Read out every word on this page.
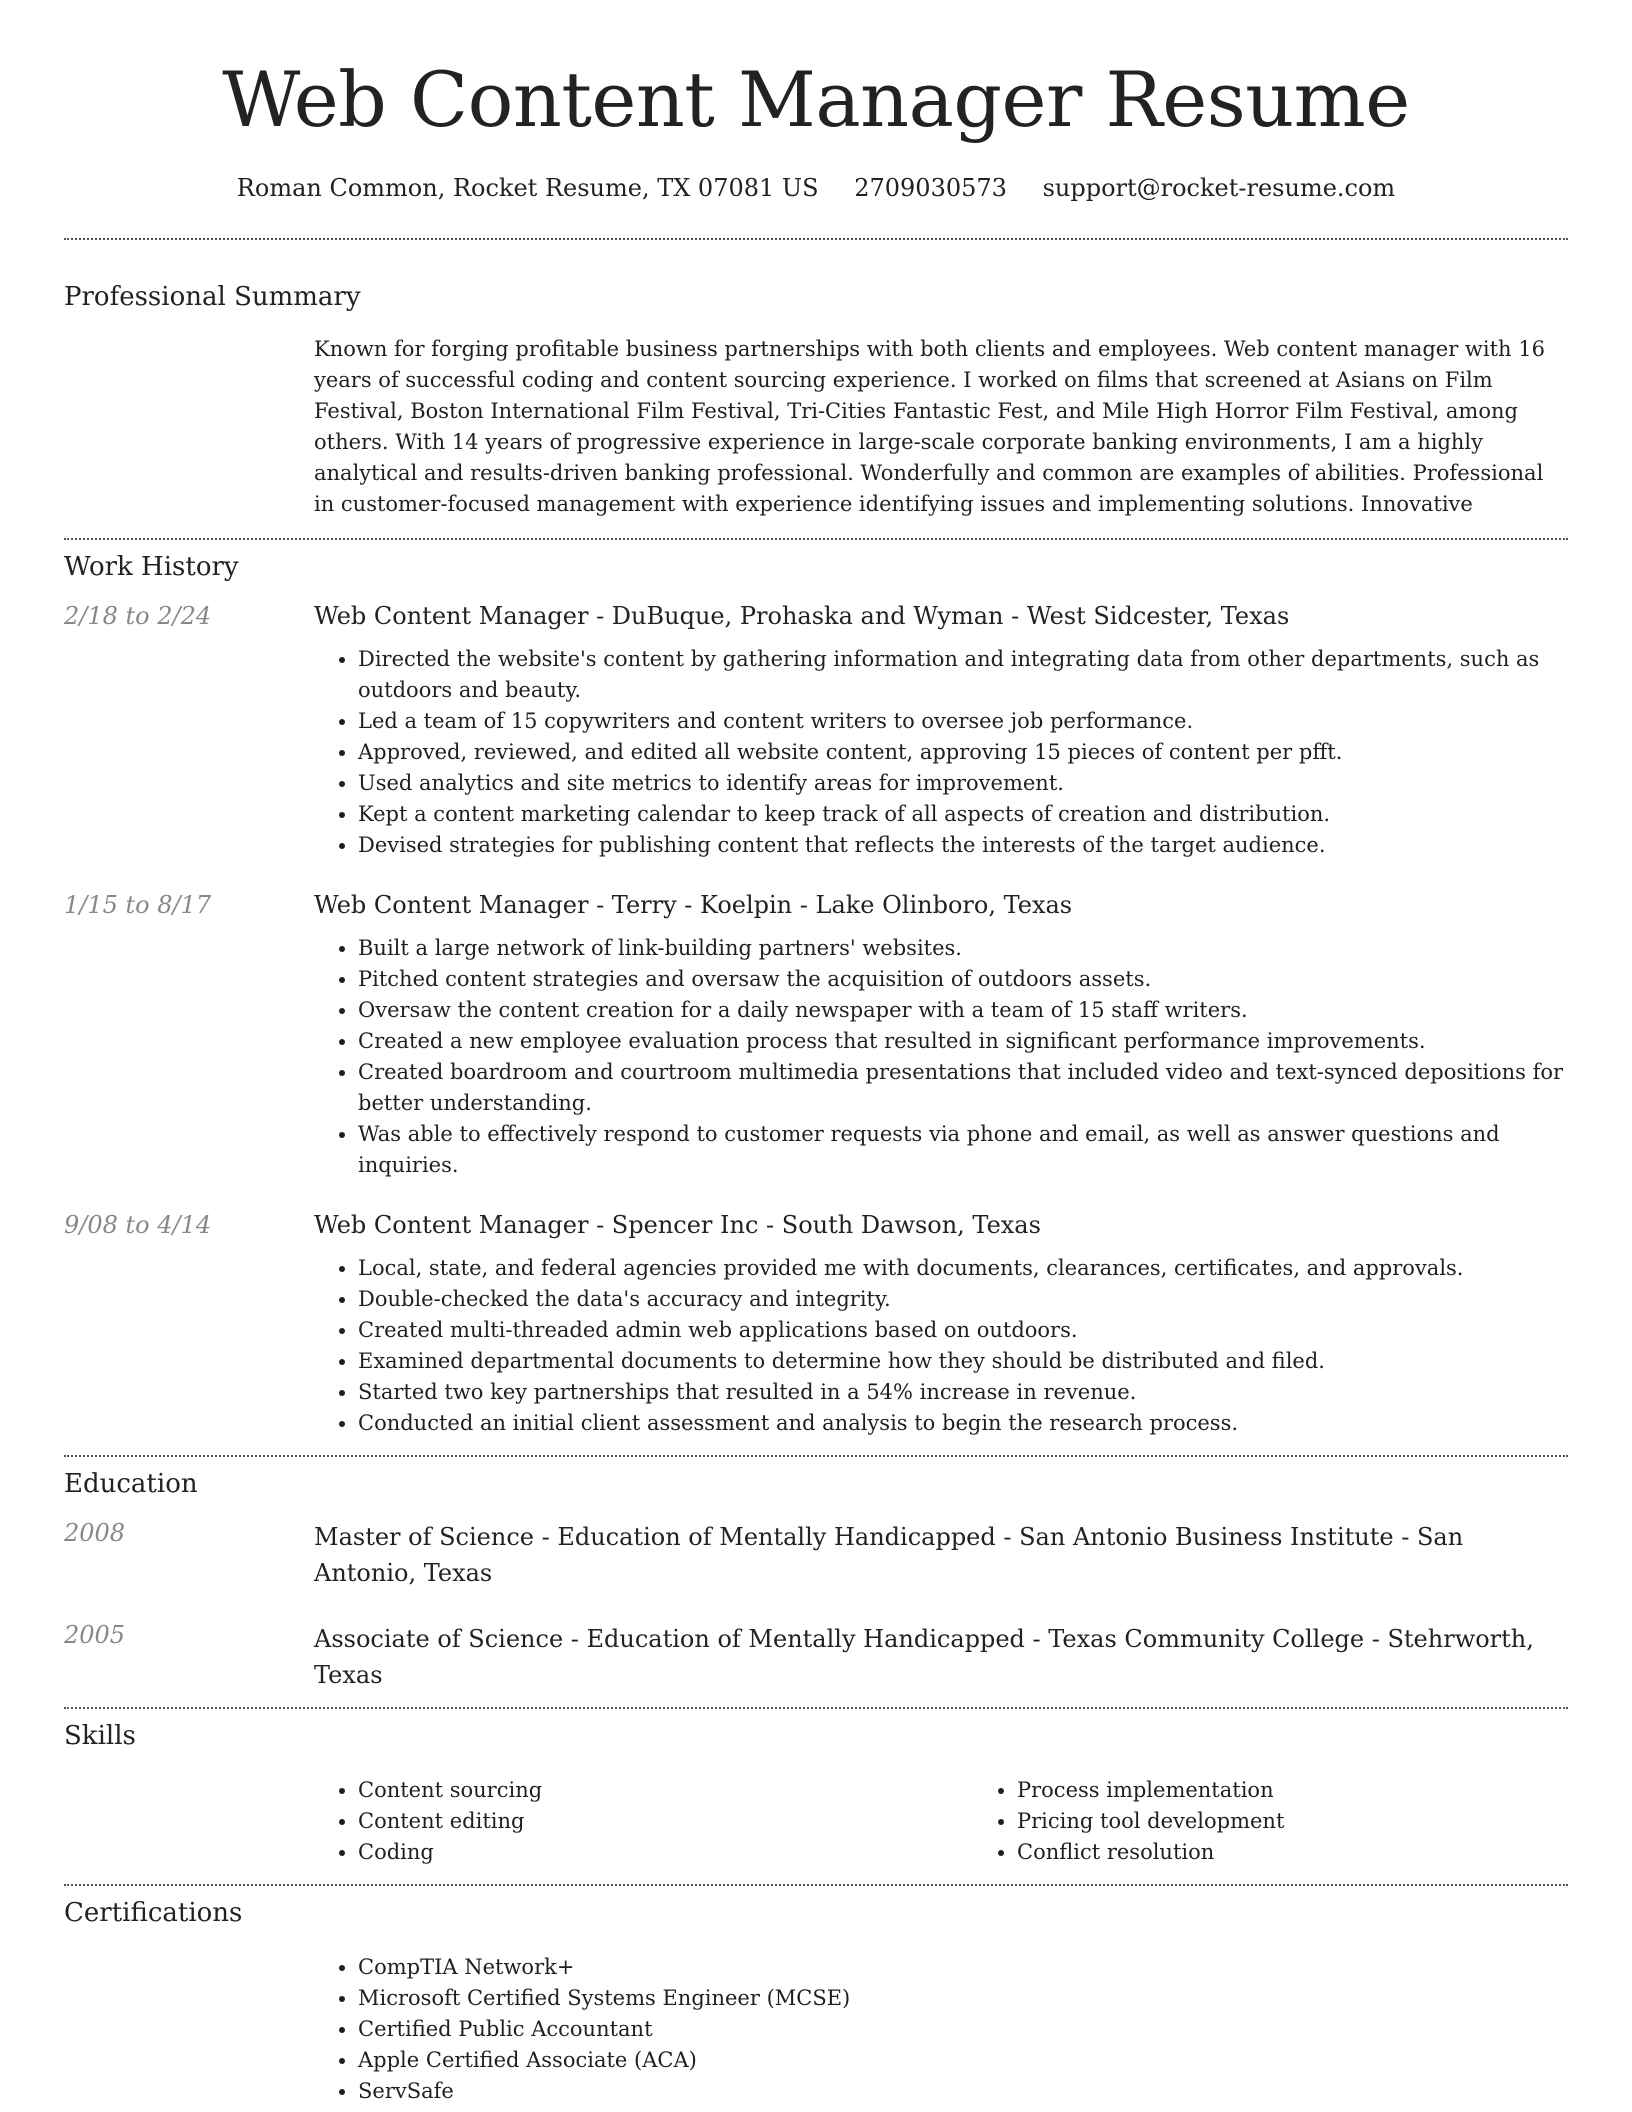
Web Content Manager Resume
Roman Common, Rocket Resume, TX 07081 US 2709030573 support@rocket-resume.com
Professional Summary
Known for forging profitable business partnerships with both clients and employees. Web content manager with 16 years of successful coding and content sourcing experience. I worked on films that screened at Asians on Film Festival, Boston International Film Festival, Tri-Cities Fantastic Fest, and Mile High Horror Film Festival, among others. With 14 years of progressive experience in large-scale corporate banking environments, I am a highly analytical and results-driven banking professional. Wonderfully and common are examples of abilities. Professional in customer-focused management with experience identifying issues and implementing solutions. Innovative
Work History
2/18 to 2/24	Web Content Manager - DuBuque, Prohaska and Wyman - West Sidcester, Texas
• Directed the website's content by gathering information and integrating data from other departments, such as outdoors and beauty.
• Led a team of 15 copywriters and content writers to oversee job performance.
• Approved, reviewed, and edited all website content, approving 15 pieces of content per pfft.
• Used analytics and site metrics to identify areas for improvement.
• Kept a content marketing calendar to keep track of all aspects of creation and distribution.
• Devised strategies for publishing content that reflects the interests of the target audience.
1/15 to 8/17	Web Content Manager - Terry - Koelpin - Lake Olinboro, Texas
• Built a large network of link-building partners' websites.
• Pitched content strategies and oversaw the acquisition of outdoors assets.
• Oversaw the content creation for a daily newspaper with a team of 15 staff writers.
• Created a new employee evaluation process that resulted in significant performance improvements.
• Created boardroom and courtroom multimedia presentations that included video and text-synced depositions for better understanding.
• Was able to effectively respond to customer requests via phone and email, as well as answer questions and inquiries.
9/08 to 4/14	Web Content Manager - Spencer Inc - South Dawson, Texas
• Local, state, and federal agencies provided me with documents, clearances, certificates, and approvals.
• Double-checked the data's accuracy and integrity.
• Created multi-threaded admin web applications based on outdoors.
• Examined departmental documents to determine how they should be distributed and filed.
• Started two key partnerships that resulted in a 54% increase in revenue.
• Conducted an initial client assessment and analysis to begin the research process.
Education
2008	Master of Science - Education of Mentally Handicapped - San Antonio Business Institute - San Antonio, Texas
2005	Associate of Science - Education of Mentally Handicapped - Texas Community College - Stehrworth, Texas
Skills
• Content sourcing
• Content editing
• Coding
• Process implementation
• Pricing tool development
• Conflict resolution
Certifications
• CompTIA Network+
• Microsoft Certified Systems Engineer (MCSE)
• Certified Public Accountant
• Apple Certified Associate (ACA)
• ServSafe
